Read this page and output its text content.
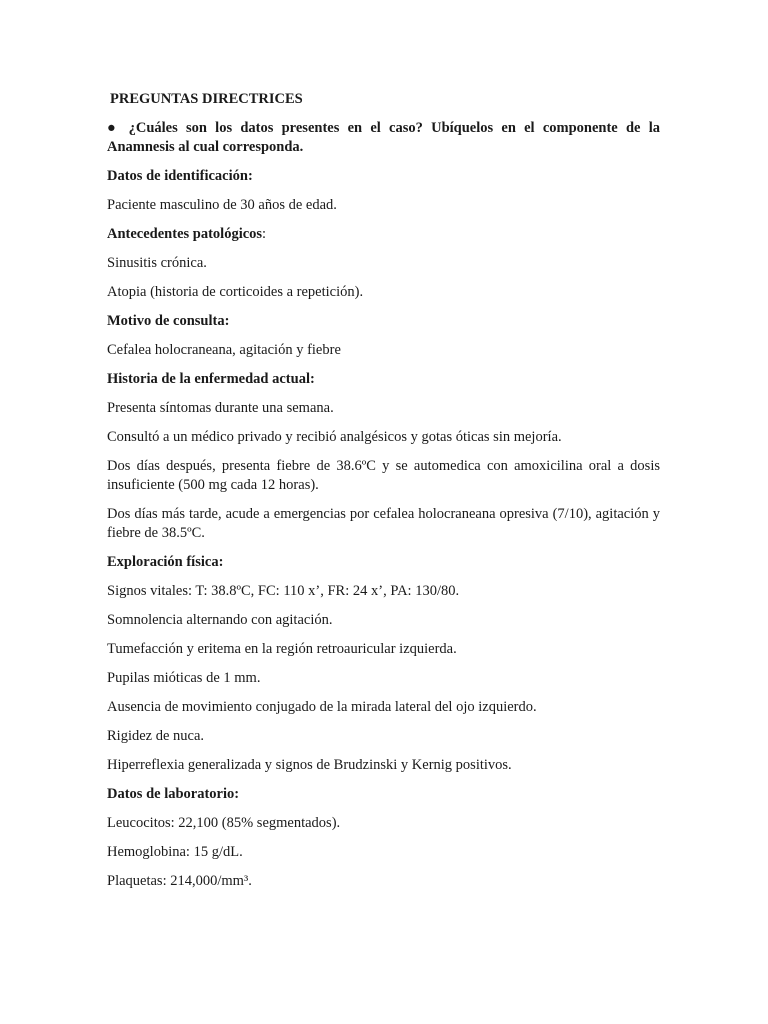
PREGUNTAS DIRECTRICES

● ¿Cuáles son los datos presentes en el caso? Ubíquelos en el componente de la Anamnesis al cual corresponda.

Datos de identificación:

Paciente masculino de 30 años de edad.

Antecedentes patológicos:

Sinusitis crónica.

Atopia (historia de corticoides a repetición).

Motivo de consulta:

Cefalea holocraneana, agitación y fiebre

Historia de la enfermedad actual:

Presenta síntomas durante una semana.

Consultó a un médico privado y recibió analgésicos y gotas óticas sin mejoría.

Dos días después, presenta fiebre de 38.6ºC y se automedica con amoxicilina oral a dosis insuficiente (500 mg cada 12 horas).

Dos días más tarde, acude a emergencias por cefalea holocraneana opresiva (7/10), agitación y fiebre de 38.5ºC.

Exploración física:

Signos vitales: T: 38.8ºC, FC: 110 x’, FR: 24 x’, PA: 130/80.

Somnolencia alternando con agitación.

Tumefacción y eritema en la región retroauricular izquierda.

Pupilas mióticas de 1 mm.

Ausencia de movimiento conjugado de la mirada lateral del ojo izquierdo.

Rigidez de nuca.

Hiperreflexia generalizada y signos de Brudzinski y Kernig positivos.

Datos de laboratorio:

Leucocitos: 22,100 (85% segmentados).

Hemoglobina: 15 g/dL.

Plaquetas: 214,000/mm³.
